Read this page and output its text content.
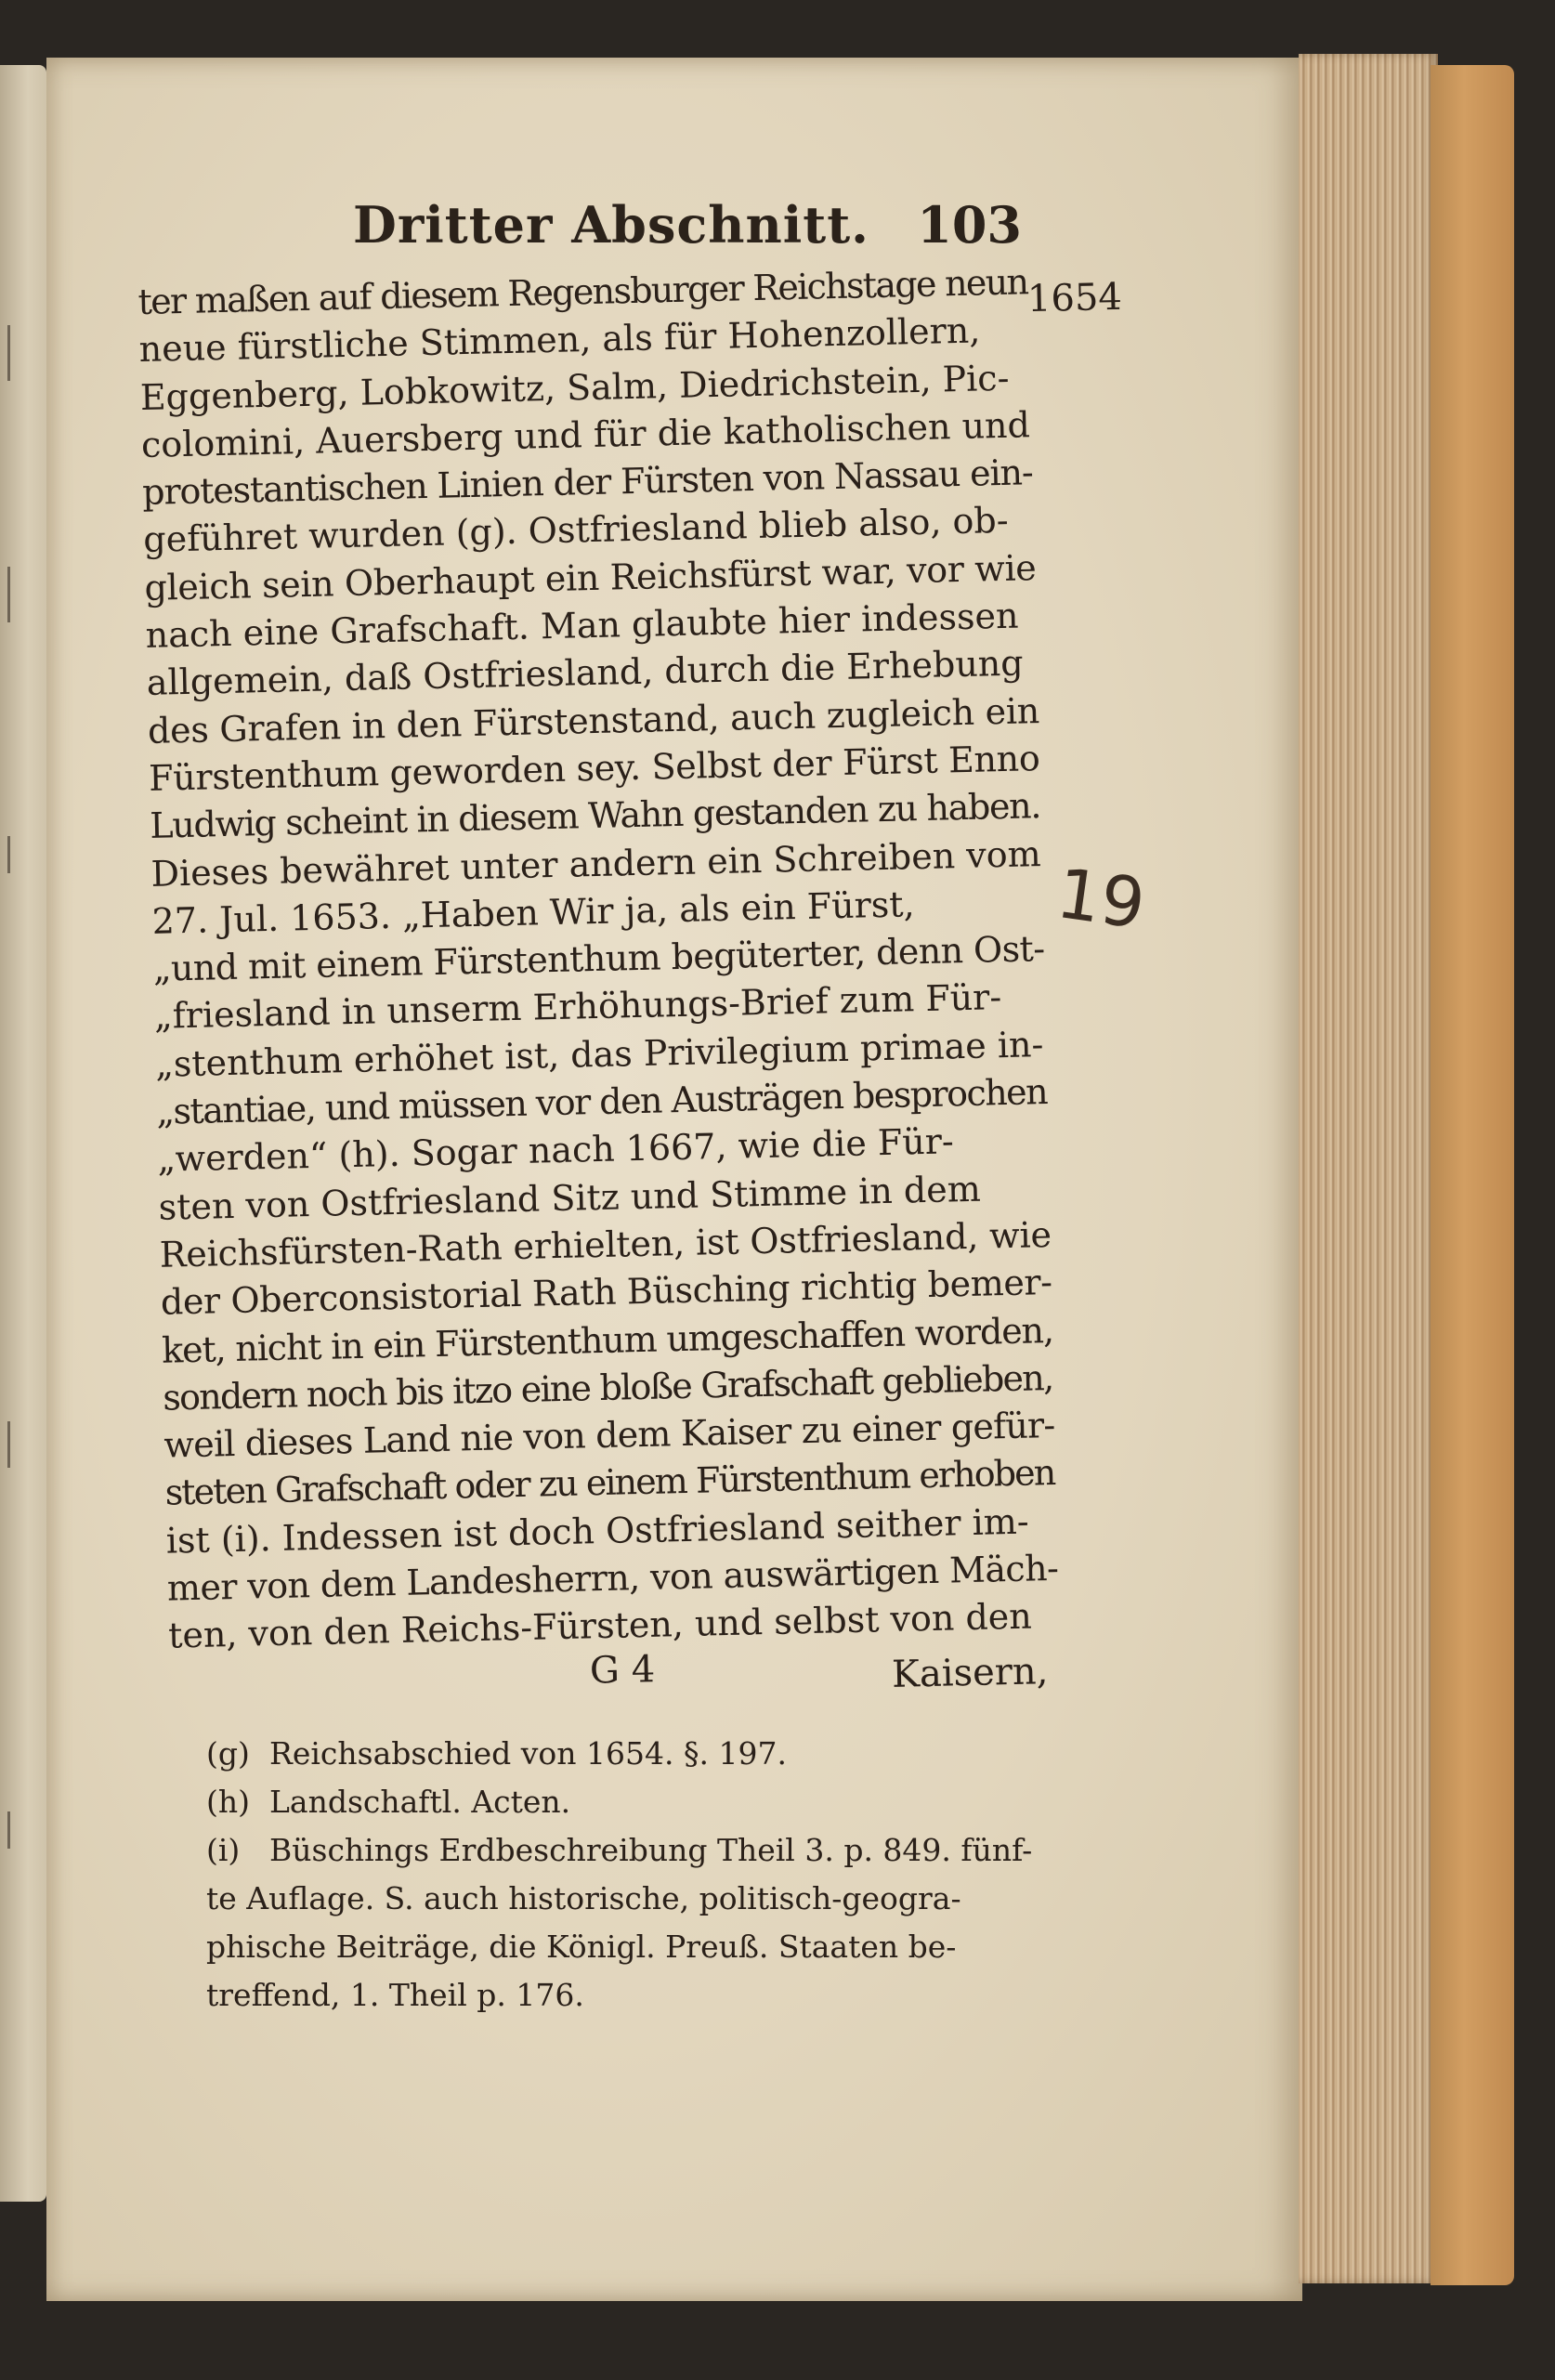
Dritter Abschnitt. 103
1654
19
ter maßen auf diesem Regensburger Reichstage neun
neue fürstliche Stimmen, als für Hohenzollern,
Eggenberg, Lobkowitz, Salm, Diedrichstein, Pic-
colomini, Auersberg und für die katholischen und
protestantischen Linien der Fürsten von Nassau ein-
geführet wurden (g). Ostfriesland blieb also, ob-
gleich sein Oberhaupt ein Reichsfürst war, vor wie
nach eine Grafschaft. Man glaubte hier indessen
allgemein, daß Ostfriesland, durch die Erhebung
des Grafen in den Fürstenstand, auch zugleich ein
Fürstenthum geworden sey. Selbst der Fürst Enno
Ludwig scheint in diesem Wahn gestanden zu haben.
Dieses bewähret unter andern ein Schreiben vom
27. Jul. 1653. „Haben Wir ja, als ein Fürst,
„und mit einem Fürstenthum begüterter, denn Ost-
„friesland in unserm Erhöhungs-Brief zum Für-
„stenthum erhöhet ist, das Privilegium primae in-
„stantiae, und müssen vor den Austrägen besprochen
„werden“ (h). Sogar nach 1667, wie die Für-
sten von Ostfriesland Sitz und Stimme in dem
Reichsfürsten-Rath erhielten, ist Ostfriesland, wie
der Oberconsistorial Rath Büsching richtig bemer-
ket, nicht in ein Fürstenthum umgeschaffen worden,
sondern noch bis itzo eine bloße Grafschaft geblieben,
weil dieses Land nie von dem Kaiser zu einer gefür-
steten Grafschaft oder zu einem Fürstenthum erhoben
ist (i). Indessen ist doch Ostfriesland seither im-
mer von dem Landesherrn, von auswärtigen Mäch-
ten, von den Reichs-Fürsten, und selbst von den
G 4	Kaisern,
(g) Reichsabschied von 1654. §. 197.
(h) Landschaftl. Acten.
(i) Büschings Erdbeschreibung Theil 3. p. 849. fünf-
te Auflage. S. auch historische, politisch-geogra-
phische Beiträge, die Königl. Preuß. Staaten be-
treffend, 1. Theil p. 176.
